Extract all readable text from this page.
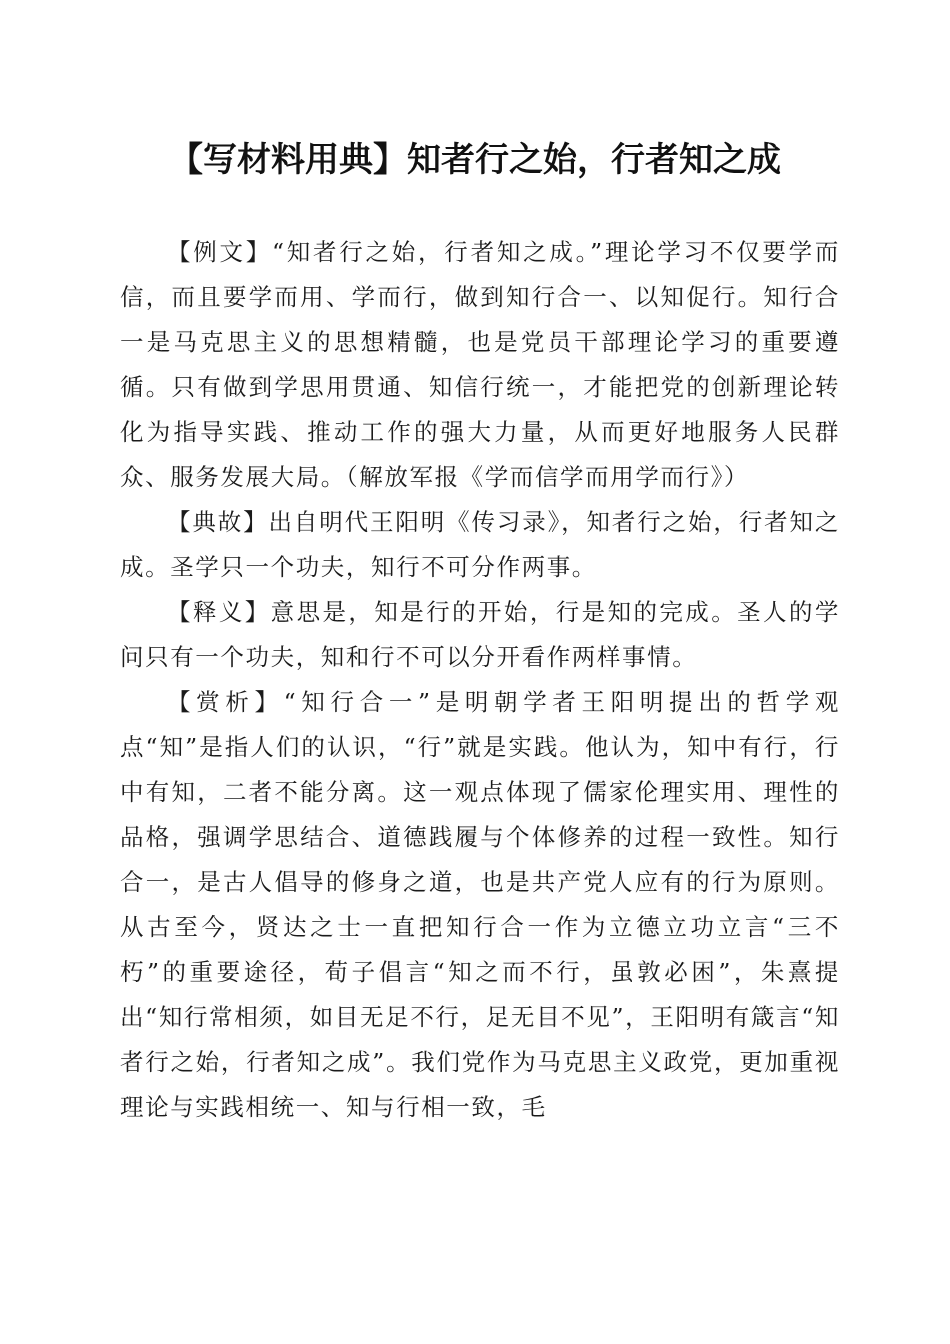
【写材料用典】知者行之始，行者知之成

【例文】“知者行之始，行者知之成。”理论学习不仅要学而信，而且要学而用、学而行，做到知行合一、以知促行。知行合一是马克思主义的思想精髓，也是党员干部理论学习的重要遵循。只有做到学思用贯通、知信行统一，才能把党的创新理论转化为指导实践、推动工作的强大力量，从而更好地服务人民群众、服务发展大局。（解放军报《学而信学而用学而行》）

【典故】出自明代王阳明《传习录》，知者行之始，行者知之成。圣学只一个功夫，知行不可分作两事。

【释义】意思是，知是行的开始，行是知的完成。圣人的学问只有一个功夫，知和行不可以分开看作两样事情。

【赏析】“知行合一”是明朝学者王阳明提出的哲学观点“知”是指人们的认识，“行”就是实践。他认为，知中有行，行中有知，二者不能分离。这一观点体现了儒家伦理实用、理性的品格，强调学思结合、道德践履与个体修养的过程一致性。知行合一，是古人倡导的修身之道，也是共产党人应有的行为原则。从古至今，贤达之士一直把知行合一作为立德立功立言“三不朽”的重要途径，荀子倡言“知之而不行，虽敦必困”，朱熹提出“知行常相须，如目无足不行，足无目不见”，王阳明有箴言“知者行之始，行者知之成”。我们党作为马克思主义政党，更加重视理论与实践相统一、知与行相一致，毛
